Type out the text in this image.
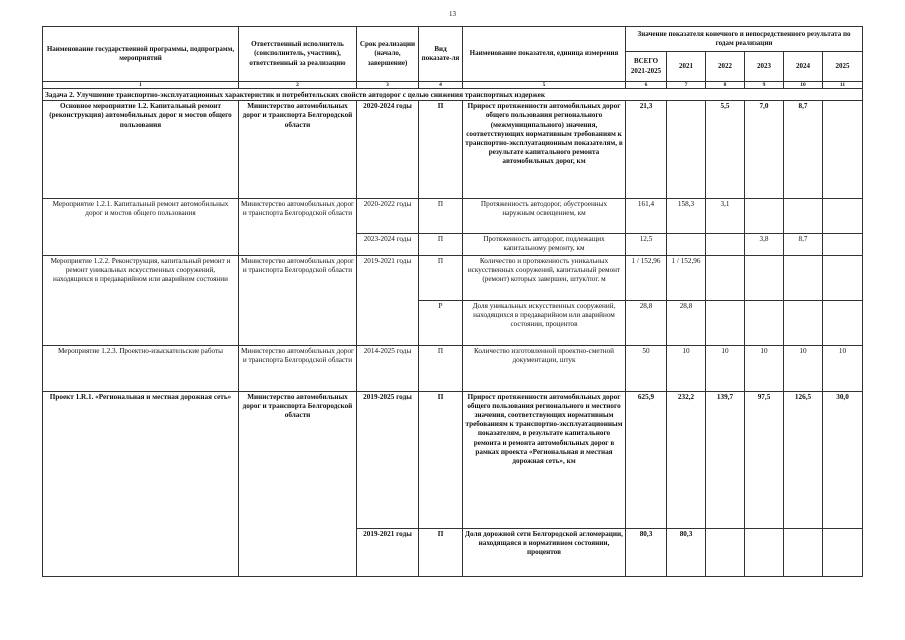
13
Наименование государственной программы, подпрограмм, мероприятий	Ответственный исполнитель (соисполнитель, участник), ответственный за реализацию	Срок реализации (начало, завершение)	Вид показате-ля	Наименование показателя, единица измерения	Значение показателя конечного и непосредственного результата по годам реализации					
					ВСЕГО 2021-2025	2021	2022	2023	2024	2025
1	2	3	4	5	6	7	8	9	10	11
Задача 2. Улучшение транспортно-эксплуатационных характеристик и потребительских свойств автодорог с целью снижения транспортных издержек										
Основное мероприятие 1.2. Капитальный ремонт (реконструкция) автомобильных дорог и мостов общего пользования	Министерство автомобильных дорог и транспорта Белгородской области	2020-2024 годы	П	Прирост протяженности автомобильных дорог общего пользования регионального (межмуниципального) значения, соответствующих нормативным требованиям к транспортно-эксплуатационным показателям, в результате капитального ремонта автомобильных дорог, км	21,3		5,5	7,0	8,7	
Мероприятие 1.2.1. Капитальный ремонт автомобильных дорог и мостов общего пользования	Министерство автомобильных дорог и транспорта Белгородской области	2020-2022 годы	П	Протяженность автодорог, обустроенных наружным освещением, км	161,4	158,3	3,1			
		2023-2024 годы	П	Протяженность автодорог, подлежащих капитальному ремонту, км	12,5			3,8	8,7	
Мероприятие 1.2.2. Реконструкция, капитальный ремонт и ремонт уникальных искусственных сооружений, находящихся в предаварийном или аварийном состоянии	Министерство автомобильных дорог и транспорта Белгородской области	2019-2021 годы	П	Количество и протяженность уникальных искусственных сооружений, капитальный ремонт (ремонт) которых завершен, штук/пог. м	1 / 152,96	1 / 152,96				
			Р	Доля уникальных искусственных сооружений, находящихся в предаварийном или аварийном состоянии, процентов	28,8	28,8				
Мероприятие 1.2.3. Проектно-изыскательские работы	Министерство автомобильных дорог и транспорта Белгородской области	2014-2025 годы	П	Количество изготовленной проектно-сметной документации, штук	50	10	10	10	10	10
Проект 1.R.1. «Региональная и местная дорожная сеть»	Министерство автомобильных дорог и транспорта Белгородской области	2019-2025 годы	П	Прирост протяженности автомобильных дорог общего пользования регионального и местного значения, соответствующих нормативным требованиям к транспортно-эксплуатационным показателям, в результате капитального ремонта и ремонта автомобильных дорог в рамках проекта «Региональная и местная дорожная сеть», км	625,9	232,2	139,7	97,5	126,5	30,0
		2019-2021 годы	П	Доля дорожной сети Белгородской агломерации, находящаяся в нормативном состоянии, процентов	80,3	80,3				
